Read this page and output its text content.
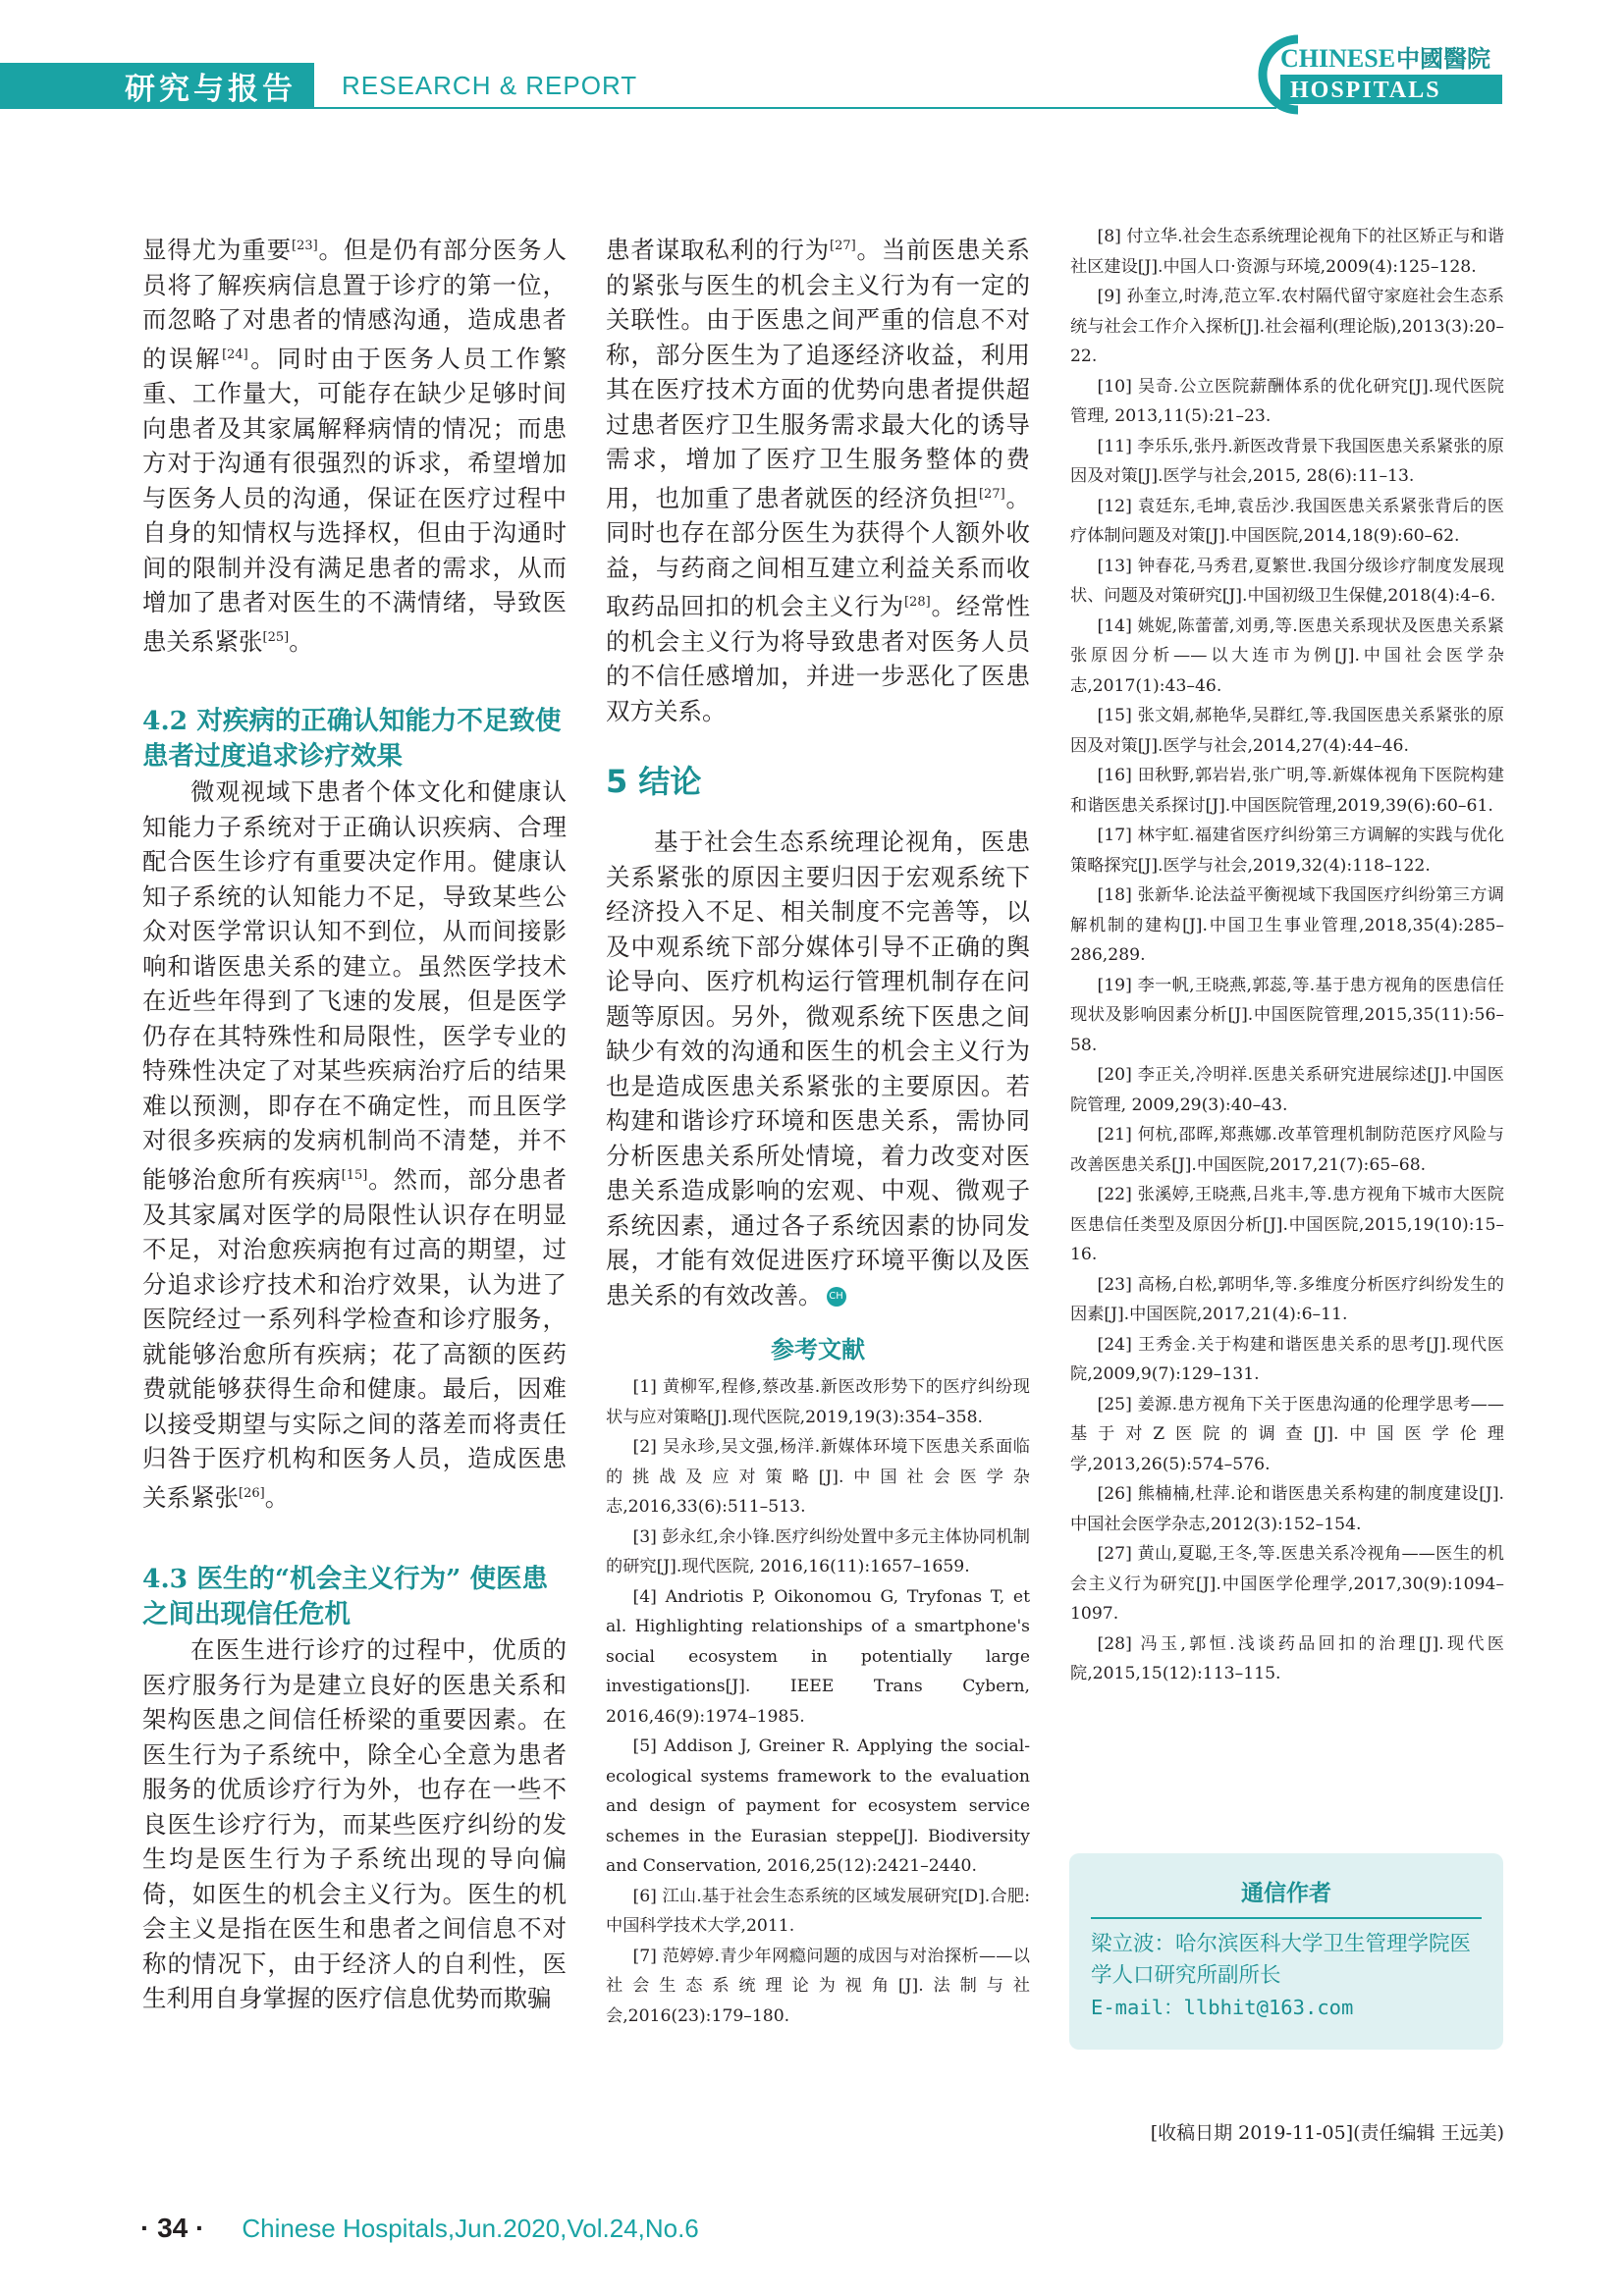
研究与报告 RESEARCH & REPORT
CHINESE 中國醫院
HOSPITALS

显得尤为重要[23]。但是仍有部分医务人员将了解疾病信息置于诊疗的第一位，而忽略了对患者的情感沟通，造成患者的误解[24]。同时由于医务人员工作繁重、工作量大，可能存在缺少足够时间向患者及其家属解释病情的情况；而患方对于沟通有很强烈的诉求，希望增加与医务人员的沟通，保证在医疗过程中自身的知情权与选择权，但由于沟通时间的限制并没有满足患者的需求，从而增加了患者对医生的不满情绪，导致医患关系紧张[25]。

4.2 对疾病的正确认知能力不足致使患者过度追求诊疗效果

微观视域下患者个体文化和健康认知能力子系统对于正确认识疾病、合理配合医生诊疗有重要决定作用。健康认知子系统的认知能力不足，导致某些公众对医学常识认知不到位，从而间接影响和谐医患关系的建立。虽然医学技术在近些年得到了飞速的发展，但是医学仍存在其特殊性和局限性，医学专业的特殊性决定了对某些疾病治疗后的结果难以预测，即存在不确定性，而且医学对很多疾病的发病机制尚不清楚，并不能够治愈所有疾病[15]。然而，部分患者及其家属对医学的局限性认识存在明显不足，对治愈疾病抱有过高的期望，过分追求诊疗技术和治疗效果，认为进了医院经过一系列科学检查和诊疗服务，就能够治愈所有疾病；花了高额的医药费就能够获得生命和健康。最后，因难以接受期望与实际之间的落差而将责任归咎于医疗机构和医务人员，造成医患关系紧张[26]。

4.3 医生的“机会主义行为” 使医患之间出现信任危机

在医生进行诊疗的过程中，优质的医疗服务行为是建立良好的医患关系和架构医患之间信任桥梁的重要因素。在医生行为子系统中，除全心全意为患者服务的优质诊疗行为外，也存在一些不良医生诊疗行为，而某些医疗纠纷的发生均是医生行为子系统出现的导向偏倚，如医生的机会主义行为。医生的机会主义是指在医生和患者之间信息不对称的情况下，由于经济人的自利性，医生利用自身掌握的医疗信息优势而欺骗

患者谋取私利的行为[27]。当前医患关系的紧张与医生的机会主义行为有一定的关联性。由于医患之间严重的信息不对称，部分医生为了追逐经济收益，利用其在医疗技术方面的优势向患者提供超过患者医疗卫生服务需求最大化的诱导需求，增加了医疗卫生服务整体的费用，也加重了患者就医的经济负担[27]。同时也存在部分医生为获得个人额外收益，与药商之间相互建立利益关系而收取药品回扣的机会主义行为[28]。经常性的机会主义行为将导致患者对医务人员的不信任感增加，并进一步恶化了医患双方关系。

5 结论

基于社会生态系统理论视角，医患关系紧张的原因主要归因于宏观系统下经济投入不足、相关制度不完善等，以及中观系统下部分媒体引导不正确的舆论导向、医疗机构运行管理机制存在问题等原因。另外，微观系统下医患之间缺少有效的沟通和医生的机会主义行为也是造成医患关系紧张的主要原因。若构建和谐诊疗环境和医患关系，需协同分析医患关系所处情境，着力改变对医患关系造成影响的宏观、中观、微观子系统因素，通过各子系统因素的协同发展，才能有效促进医疗环境平衡以及医患关系的有效改善。 CH

参考文献

[1] 黄柳军,程修,蔡改基.新医改形势下的医疗纠纷现状与应对策略[J].现代医院,2019,19(3):354–358.

[2] 吴永珍,吴文强,杨洋.新媒体环境下医患关系面临的挑战及应对策略[J].中国社会医学杂志,2016,33(6):511–513.

[3] 彭永红,余小锋.医疗纠纷处置中多元主体协同机制的研究[J].现代医院, 2016,16(11):1657–1659.

[4] Andriotis P, Oikonomou G, Tryfonas T, et al. Highlighting relationships of a smartphone's social ecosystem in potentially large investigations[J]. IEEE Trans Cybern, 2016,46(9):1974–1985.

[5] Addison J, Greiner R. Applying the social-ecological systems framework to the evaluation and design of payment for ecosystem service schemes in the Eurasian steppe[J]. Biodiversity and Conservation, 2016,25(12):2421–2440.

[6] 江山.基于社会生态系统的区域发展研究[D].合肥:中国科学技术大学,2011.

[7] 范婷婷.青少年网瘾问题的成因与对治探析——以社会生态系统理论为视角[J].法制与社会,2016(23):179–180.

[8] 付立华.社会生态系统理论视角下的社区矫正与和谐社区建设[J].中国人口·资源与环境,2009(4):125–128.

[9] 孙奎立,时涛,范立军.农村隔代留守家庭社会生态系统与社会工作介入探析[J].社会福利(理论版),2013(3):20–22.

[10] 吴奇.公立医院薪酬体系的优化研究[J].现代医院管理, 2013,11(5):21–23.

[11] 李乐乐,张丹.新医改背景下我国医患关系紧张的原因及对策[J].医学与社会,2015, 28(6):11–13.

[12] 袁廷东,毛坤,袁岳沙.我国医患关系紧张背后的医疗体制问题及对策[J].中国医院,2014,18(9):60–62.

[13] 钟春花,马秀君,夏繁世.我国分级诊疗制度发展现状、问题及对策研究[J].中国初级卫生保健,2018(4):4–6.

[14] 姚妮,陈蕾蕾,刘勇,等.医患关系现状及医患关系紧张原因分析——以大连市为例[J].中国社会医学杂志,2017(1):43–46.

[15] 张文娟,郝艳华,吴群红,等.我国医患关系紧张的原因及对策[J].医学与社会,2014,27(4):44–46.

[16] 田秋野,郭岩岩,张广明,等.新媒体视角下医院构建和谐医患关系探讨[J].中国医院管理,2019,39(6):60–61.

[17] 林宇虹.福建省医疗纠纷第三方调解的实践与优化策略探究[J].医学与社会,2019,32(4):118–122.

[18] 张新华.论法益平衡视域下我国医疗纠纷第三方调解机制的建构[J].中国卫生事业管理,2018,35(4):285–286,289.

[19] 李一帆,王晓燕,郭蕊,等.基于患方视角的医患信任现状及影响因素分析[J].中国医院管理,2015,35(11):56–58.

[20] 李正关,冷明祥.医患关系研究进展综述[J].中国医院管理, 2009,29(3):40–43.

[21] 何杭,邵晖,郑燕娜.改革管理机制防范医疗风险与改善医患关系[J].中国医院,2017,21(7):65–68.

[22] 张溪婷,王晓燕,吕兆丰,等.患方视角下城市大医院医患信任类型及原因分析[J].中国医院,2015,19(10):15–16.

[23] 高杨,白松,郭明华,等.多维度分析医疗纠纷发生的因素[J].中国医院,2017,21(4):6–11.

[24] 王秀金.关于构建和谐医患关系的思考[J].现代医院,2009,9(7):129–131.

[25] 姜源.患方视角下关于医患沟通的伦理学思考——基于对Z医院的调查[J].中国医学伦理学,2013,26(5):574–576.

[26] 熊楠楠,杜萍.论和谐医患关系构建的制度建设[J]. 中国社会医学杂志,2012(3):152–154.

[27] 黄山,夏聪,王冬,等.医患关系冷视角——医生的机会主义行为研究[J].中国医学伦理学,2017,30(9):1094–1097.

[28] 冯玉,郭恒.浅谈药品回扣的治理[J].现代医院,2015,15(12):113–115.

通信作者

梁立波：哈尔滨医科大学卫生管理学院医学人口研究所副所长

E-mail：llbhit@163.com

[收稿日期 2019-11-05](责任编辑 王远美)

· 34 · Chinese Hospitals,Jun.2020,Vol.24,No.6
